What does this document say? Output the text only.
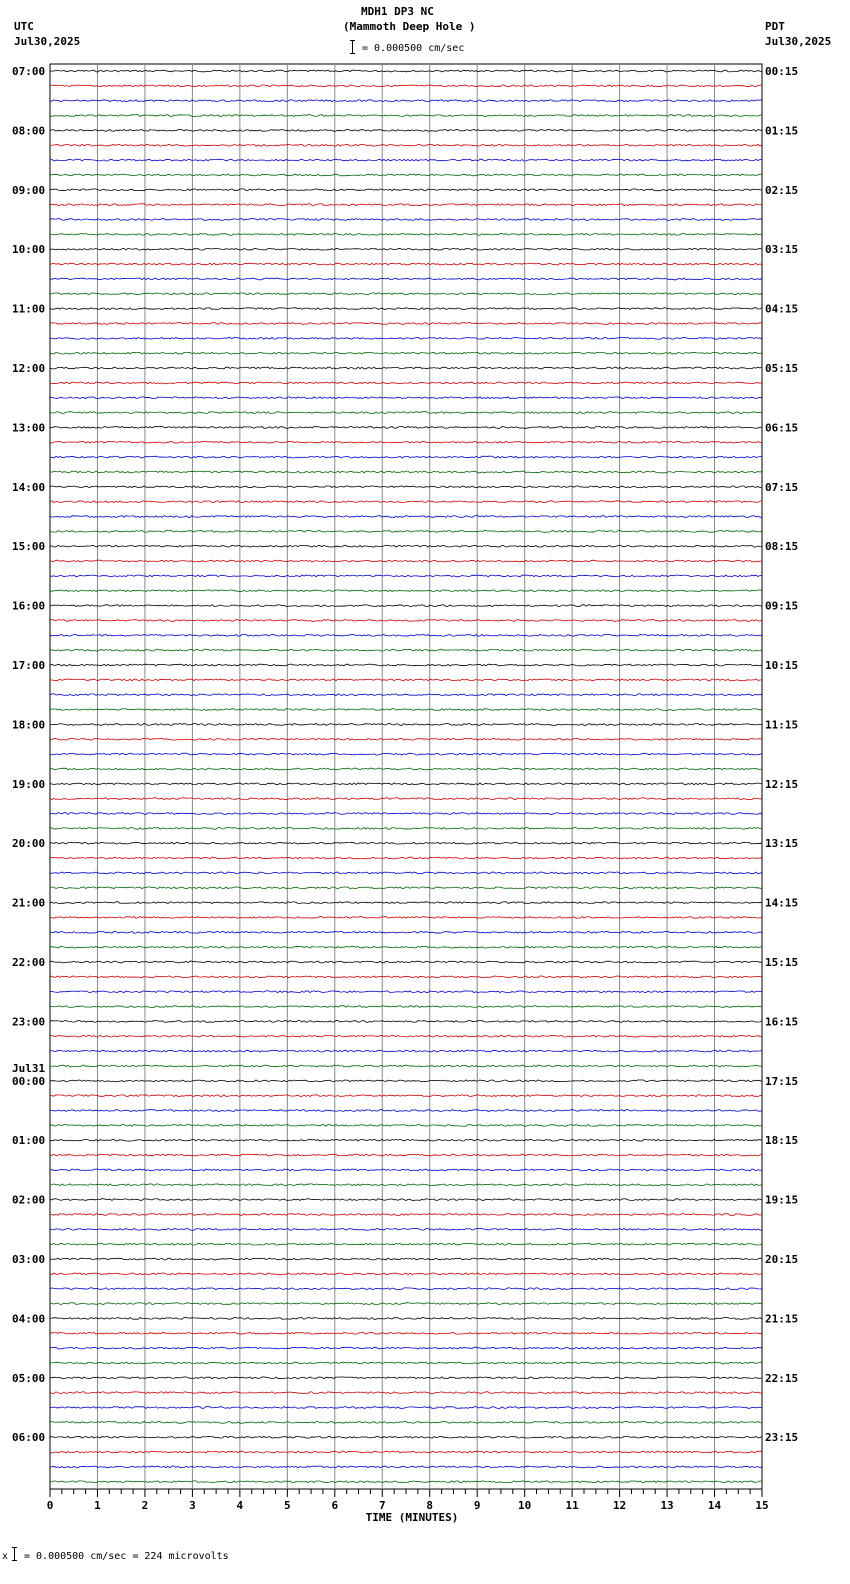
MDH1 DP3 NC
(Mammoth Deep Hole )
UTC
Jul30,2025
PDT
Jul30,2025
= 0.000500 cm/sec
07:00
08:00
09:00
10:00
11:00
12:00
13:00
14:00
15:00
16:00
17:00
18:00
19:00
20:00
21:00
22:00
23:00
00:00
Jul31
01:00
02:00
03:00
04:00
05:00
06:00
00:15
01:15
02:15
03:15
04:15
05:15
06:15
07:15
08:15
09:15
10:15
11:15
12:15
13:15
14:15
15:15
16:15
17:15
18:15
19:15
20:15
21:15
22:15
23:15
0	1	2	3	4	5	6	7	8	9	10	11	12	13	14	15
TIME (MINUTES)
x = 0.000500 cm/sec = 224 microvolts
